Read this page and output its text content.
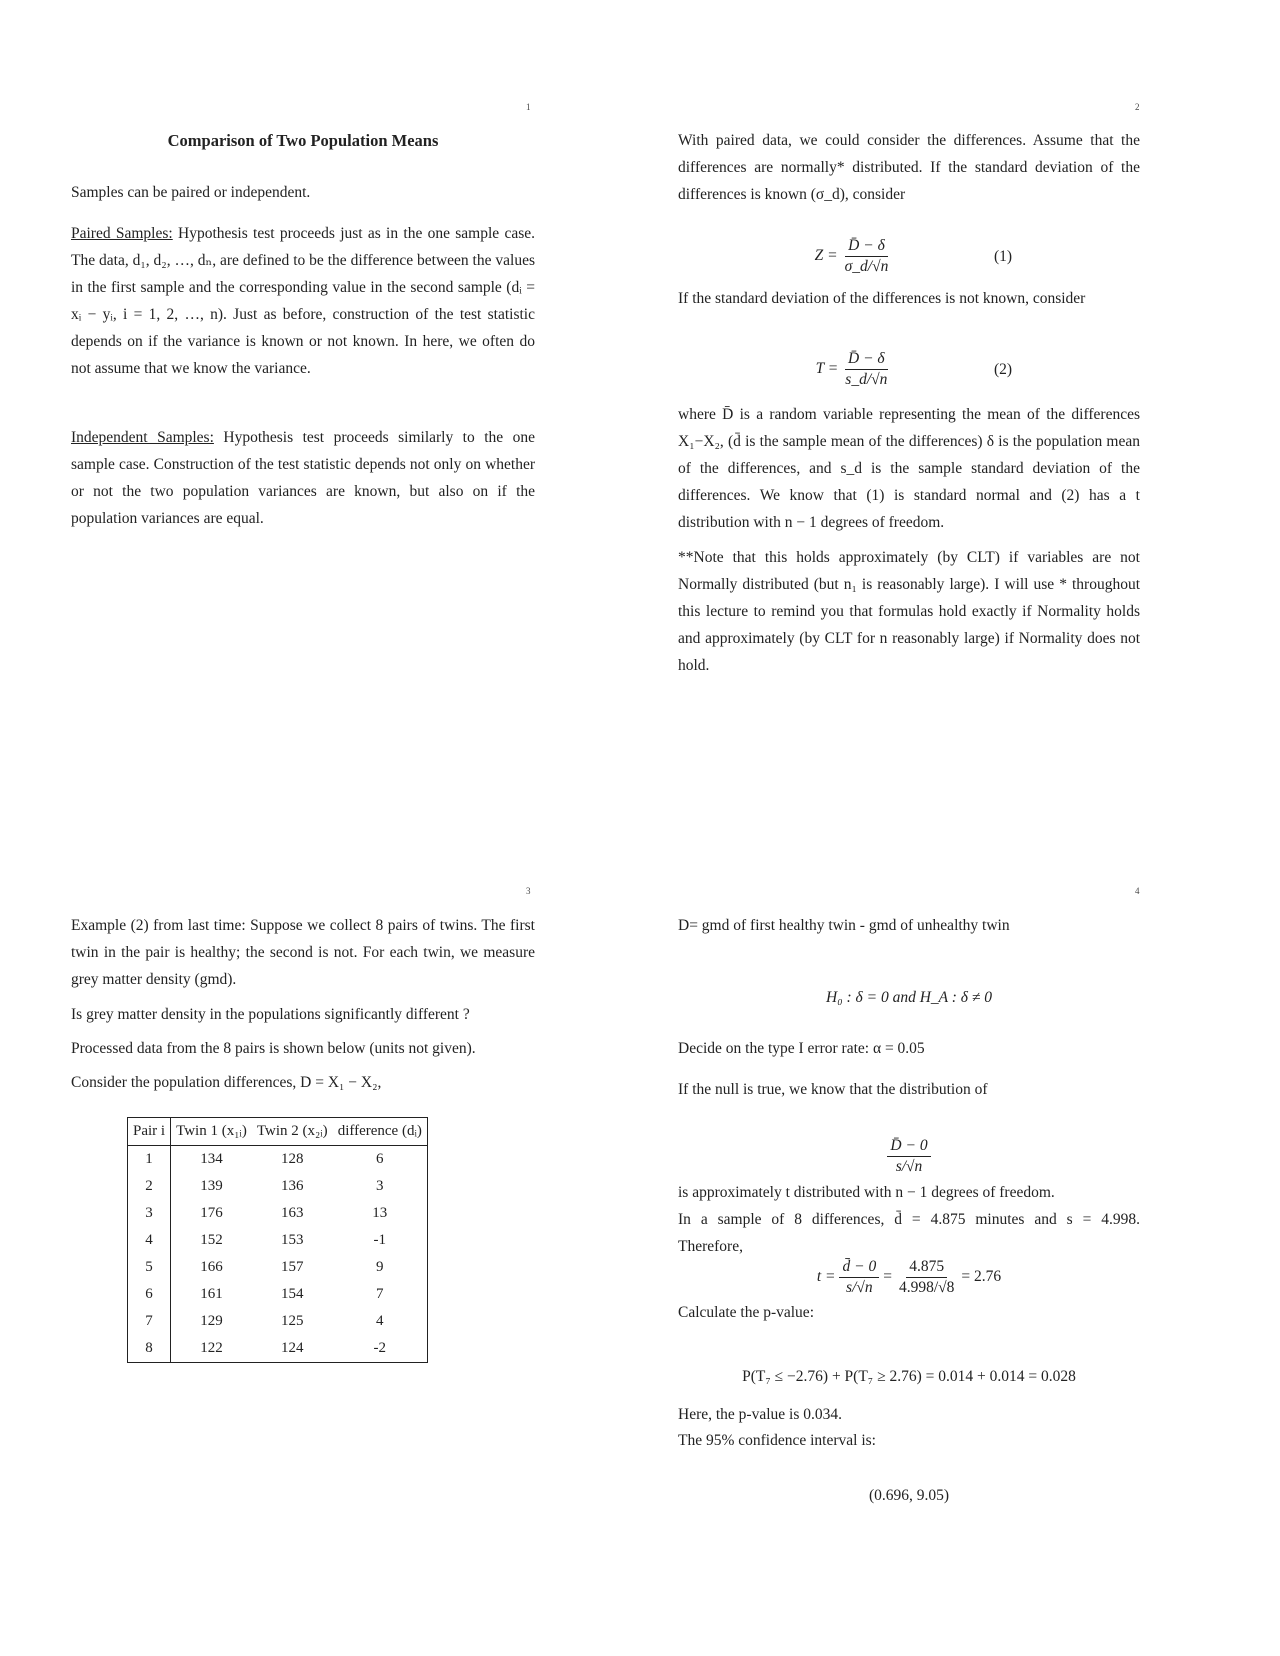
1
Comparison of Two Population Means
Samples can be paired or independent.
Paired Samples: Hypothesis test proceeds just as in the one sample case. The data, d₁, d₂, …, dₙ, are defined to be the difference between the values in the first sample and the corresponding value in the second sample (dᵢ = xᵢ − yᵢ, i = 1, 2, …, n). Just as before, construction of the test statistic depends on if the variance is known or not known. In here, we often do not assume that we know the variance.
Independent Samples: Hypothesis test proceeds similarly to the one sample case. Construction of the test statistic depends not only on whether or not the two population variances are known, but also on if the population variances are equal.
2
With paired data, we could consider the differences. Assume that the differences are normally* distributed. If the standard deviation of the differences is known (σ_d), consider
$Z = \frac{D̄ - \delta}{\sigma\_d/√n}$	(1)
If the standard deviation of the differences is not known, consider
$T = \frac{D̄ - \delta}{s\_d/√n}$	(2)
where D̄ is a random variable representing the mean of the differences X₁−X₂, (d̄ is the sample mean of the differences) δ is the population mean of the differences, and s_d is the sample standard deviation of the differences. We know that (1) is standard normal and (2) has a t distribution with n − 1 degrees of freedom.
**Note that this holds approximately (by CLT) if variables are not Normally distributed (but n₁ is reasonably large). I will use * throughout this lecture to remind you that formulas hold exactly if Normality holds and approximately (by CLT for n reasonably large) if Normality does not hold.
3
Example (2) from last time: Suppose we collect 8 pairs of twins. The first twin in the pair is healthy; the second is not. For each twin, we measure grey matter density (gmd).
Is grey matter density in the populations significantly different ?
Processed data from the 8 pairs is shown below (units not given).
Consider the population differences, D = X₁ − X₂,
Pair i	Twin 1 (x₁ᵢ)	Twin 2 (x₂ᵢ)	difference (dᵢ)
1	134	128	6
2	139	136	3
3	176	163	13
4	152	153	-1
5	166	157	9
6	161	154	7
7	129	125	4
8	122	124	-2
4
D= gmd of first healthy twin - gmd of unhealthy twin
H₀ : δ = 0 and H_A : δ ≠ 0
Decide on the type I error rate: α = 0.05
If the null is true, we know that the distribution of
$\frac{D̄ - 0}{s/√n}$
is approximately t distributed with n − 1 degrees of freedom.
In a sample of 8 differences, d̄ = 4.875 minutes and s = 4.998.
Therefore,
$t = \frac{d̄ - 0}{s/√n} = \frac{4.875}{4.998/√8} = 2.76$
Calculate the p-value:
P(T₇ ≤ −2.76) + P(T₇ ≥ 2.76) = 0.014 + 0.014 = 0.028
Here, the p-value is 0.034.
The 95% confidence interval is:
(0.696, 9.05)
